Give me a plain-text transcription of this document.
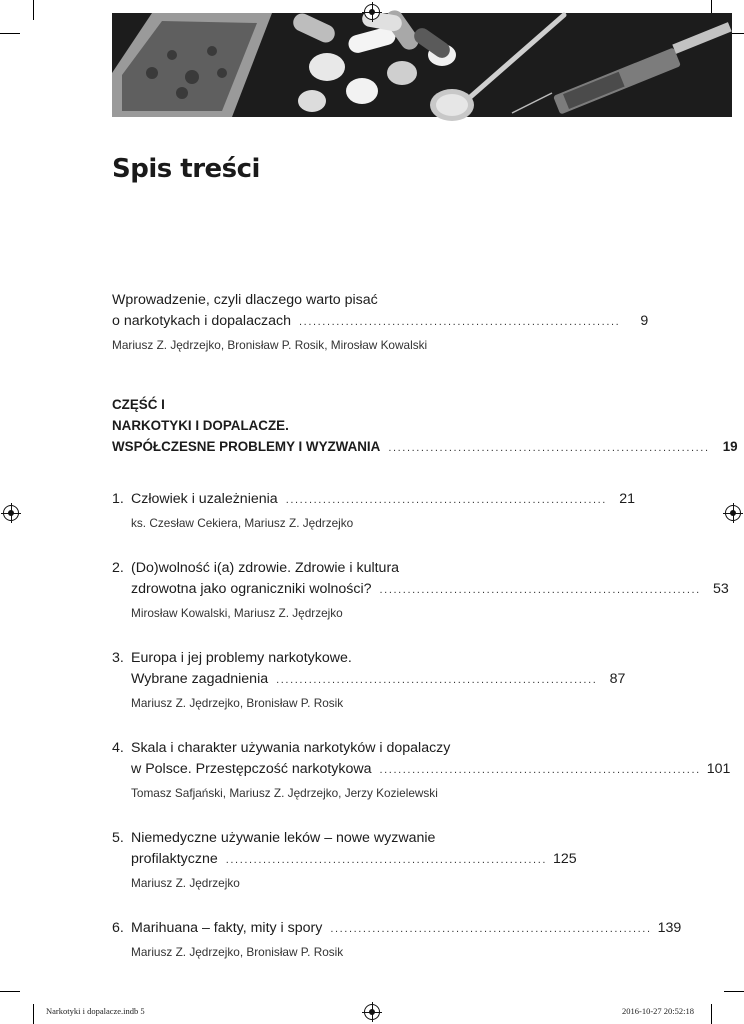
Spis treści
Wprowadzenie, czyli dlaczego warto pisać
o narkotykach i dopalaczach .....................................................................	9
Mariusz Z. Jędrzejko, Bronisław P. Rosik, Mirosław Kowalski
CZĘŚĆ I
NARKOTYKI I DOPALACZE.
WSPÓŁCZESNE PROBLEMY I WYZWANIA ..................................................................... 19
1. Człowiek i uzależnienia ..................................................................... 21
ks. Czesław Cekiera, Mariusz Z. Jędrzejko
2. (Do)wolność i(a) zdrowie. Zdrowie i kultura
zdrowotna jako ograniczniki wolności? ..................................................................... 53
Mirosław Kowalski, Mariusz Z. Jędrzejko
3. Europa i jej problemy narkotykowe.
Wybrane zagadnienia ..................................................................... 87
Mariusz Z. Jędrzejko, Bronisław P. Rosik
4. Skala i charakter używania narkotyków i dopalaczy
w Polsce. Przestępczość narkotykowa ..................................................................... 101
Tomasz Safjański, Mariusz Z. Jędrzejko, Jerzy Kozielewski
5. Niemedyczne używanie leków – nowe wyzwanie
profilaktyczne ..................................................................... 125
Mariusz Z. Jędrzejko
6. Marihuana – fakty, mity i spory ..................................................................... 139
Mariusz Z. Jędrzejko, Bronisław P. Rosik
Narkotyki i dopalacze.indb 5	2016-10-27 20:52:18
